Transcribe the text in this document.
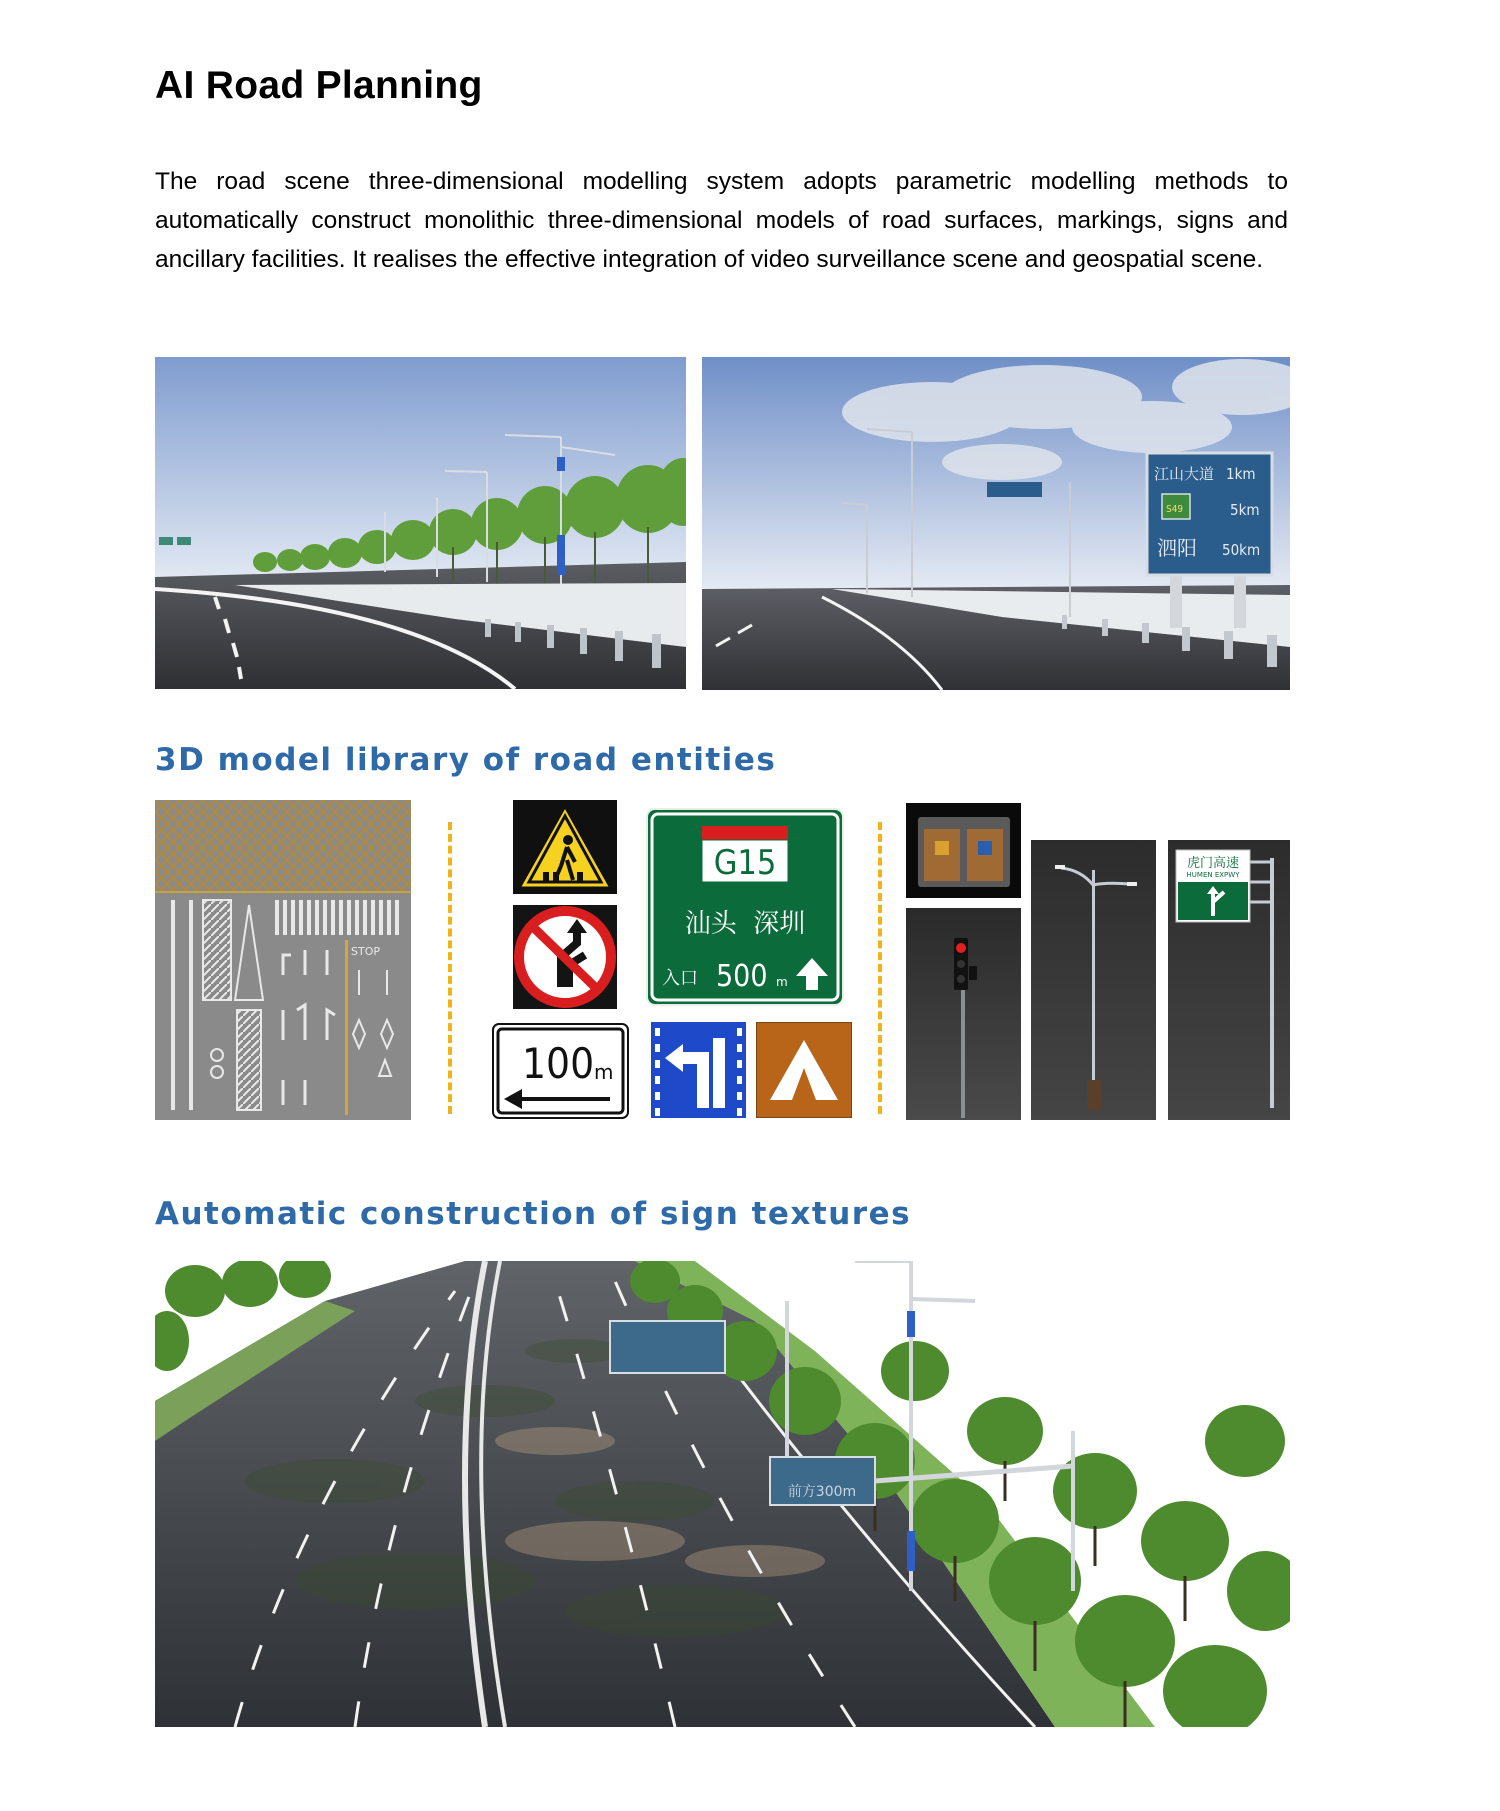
AI Road Planning

The road scene three-dimensional modelling system adopts parametric modelling methods to automatically construct monolithic three-dimensional models of road surfaces, markings, signs and ancillary facilities. It realises the effective integration of video surveillance scene and geospatial scene.

江山大道 1km
S49	5km
泗阳 50km
3D model library of road entities
STOP
100 m
G15
汕头  深圳
入口 500 m
虎门高速
HUMEN EXPWY
Automatic construction of sign textures
前方300m
